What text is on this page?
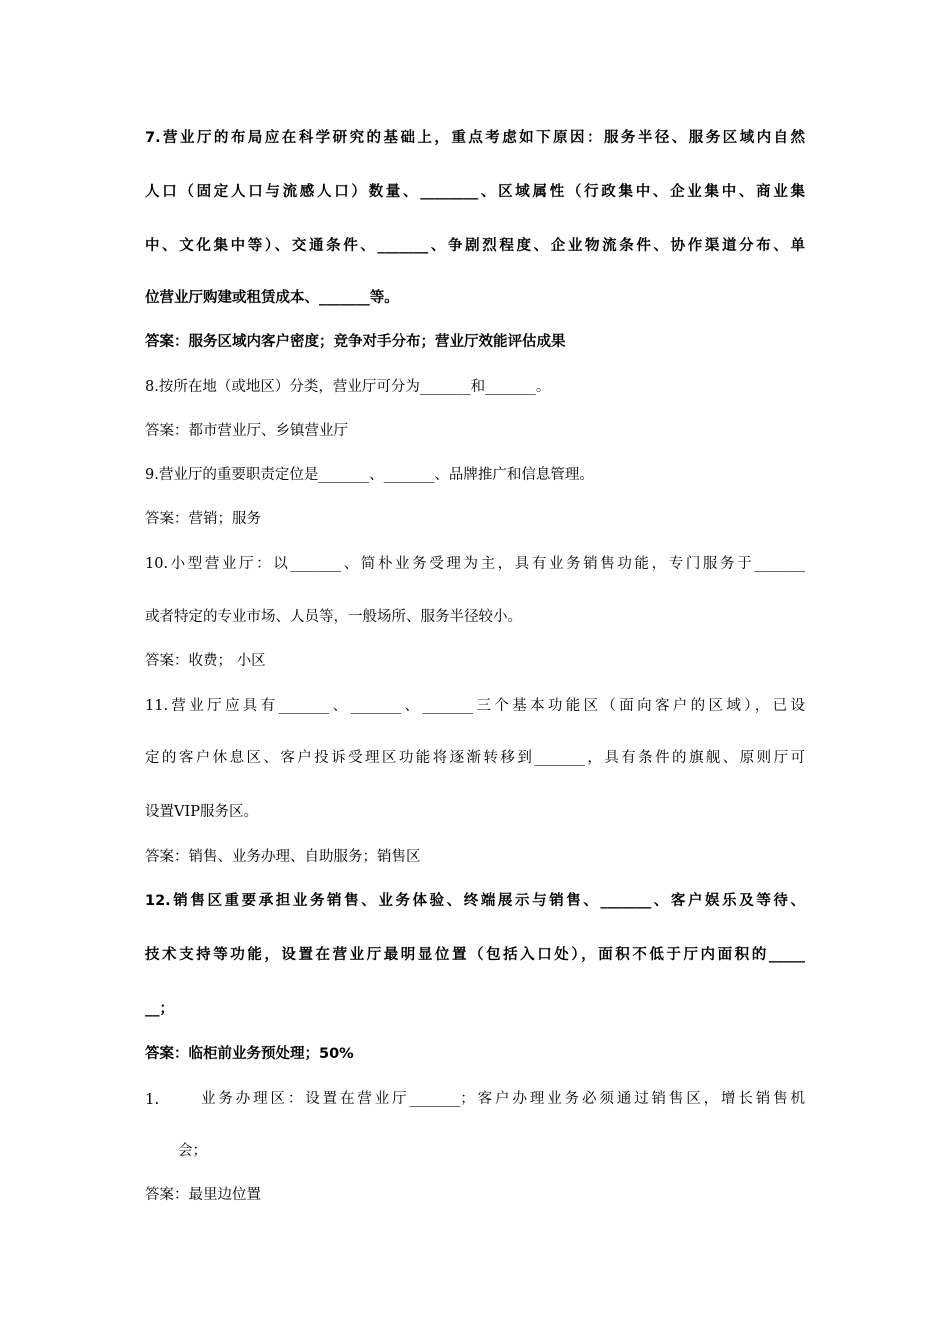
7.营业厅的布局应在科学研究的基础上，重点考虑如下原因：服务半径、服务区域内自然
人口（固定人口与流感人口）数量、________、区域属性（行政集中、企业集中、商业集
中、文化集中等）、交通条件、_______、争剧烈程度、企业物流条件、协作渠道分布、单
位营业厅购建或租赁成本、_______等。
答案：服务区域内客户密度；竞争对手分布；营业厅效能评估成果
8.按所在地（或地区）分类，营业厅可分为_______和_______。
答案：都市营业厅、乡镇营业厅
9.营业厅的重要职责定位是_______、_______、品牌推广和信息管理。
答案：营销；服务
10.小型营业厅：以_______、简朴业务受理为主，具有业务销售功能，专门服务于_______
或者特定的专业市场、人员等，一般场所、服务半径较小。
答案：收费； 小区
11.营业厅应具有_______、_______、_______三个基本功能区（面向客户的区域），已设
定的客户休息区、客户投诉受理区功能将逐渐转移到_______，具有条件的旗舰、原则厅可
设置VIP服务区。
答案：销售、业务办理、自助服务；销售区
12.销售区重要承担业务销售、业务体验、终端展示与销售、_______、客户娱乐及等待、
技术支持等功能，设置在营业厅最明显位置（包括入口处），面积不低于厅内面积的_____
__；
答案：临柜前业务预处理；50%
1.	业务办理区：设置在营业厅_______；客户办理业务必须通过销售区，增长销售机
会；
答案：最里边位置
